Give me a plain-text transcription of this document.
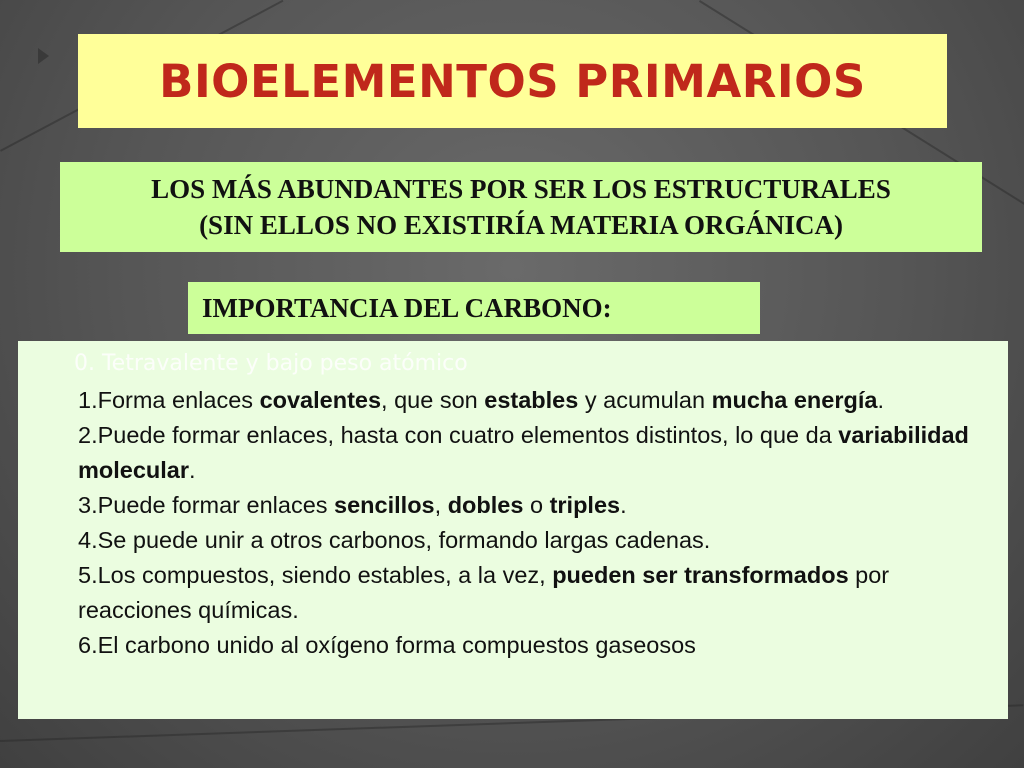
BIOELEMENTOS PRIMARIOS
LOS MÁS ABUNDANTES POR SER LOS ESTRUCTURALES
(SIN ELLOS NO EXISTIRÍA MATERIA ORGÁNICA)
IMPORTANCIA DEL CARBONO:
0. Tetravalente y bajo peso atómico

1.Forma enlaces covalentes, que son estables y acumulan mucha energía.

2.Puede formar enlaces, hasta con cuatro elementos distintos, lo que da variabilidad molecular.

3.Puede formar enlaces sencillos, dobles o triples.

4.Se puede unir a otros carbonos, formando largas cadenas.

5.Los compuestos, siendo estables, a la vez, pueden ser transformados por reacciones químicas.

6.El carbono unido al oxígeno forma compuestos gaseosos
